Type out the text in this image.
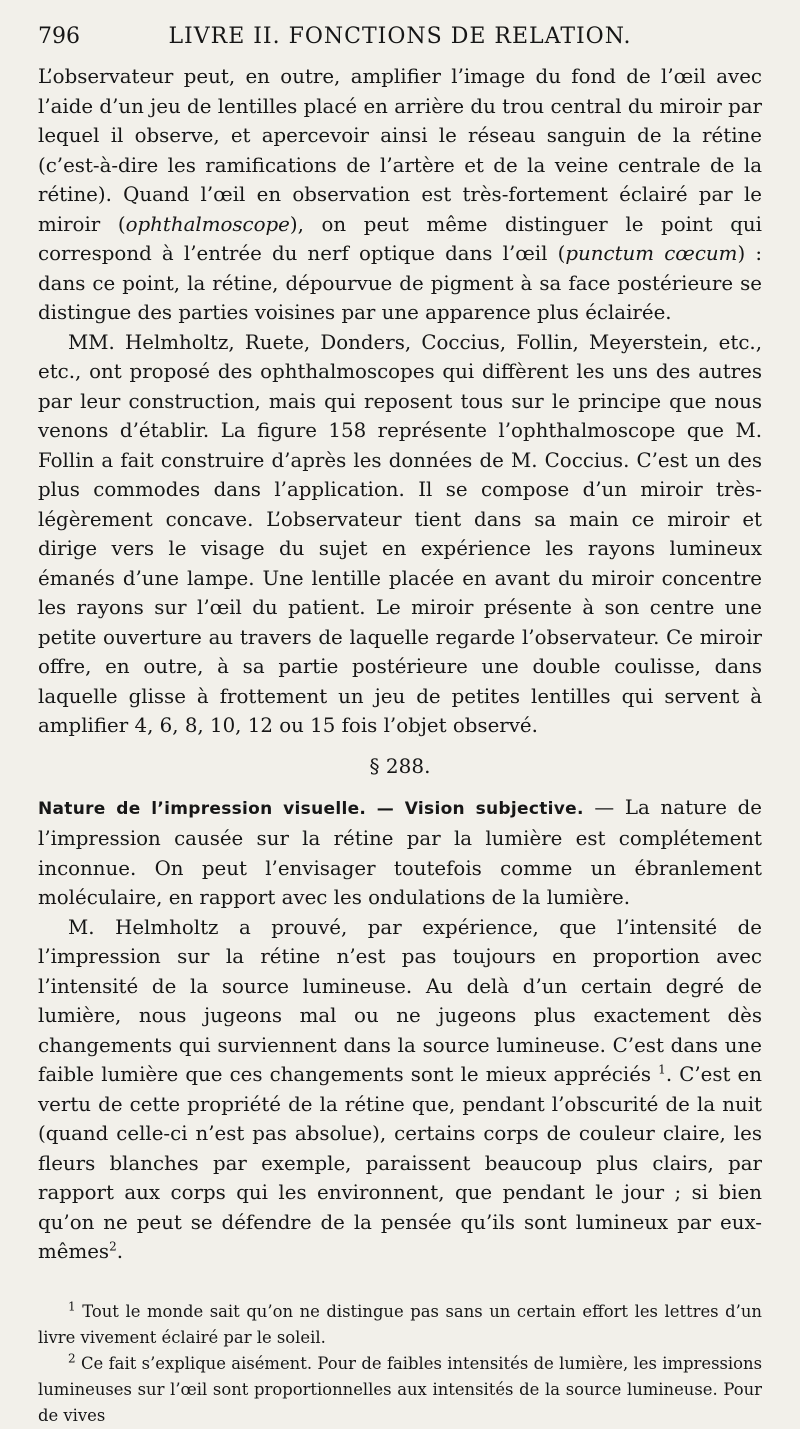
796	LIVRE II. FONCTIONS DE RELATION.

L’observateur peut, en outre, amplifier l’image du fond de l’œil avec l’aide d’un jeu de lentilles placé en arrière du trou central du miroir par lequel il observe, et apercevoir ainsi le réseau sanguin de la rétine (c’est-à-dire les ramifications de l’artère et de la veine centrale de la rétine). Quand l’œil en observation est très-fortement éclairé par le miroir (ophthalmoscope), on peut même distinguer le point qui correspond à l’entrée du nerf optique dans l’œil (punctum cœcum) : dans ce point, la rétine, dépourvue de pigment à sa face postérieure se distingue des parties voisines par une apparence plus éclairée.

MM. Helmholtz, Ruete, Donders, Coccius, Follin, Meyerstein, etc., etc., ont proposé des ophthalmoscopes qui diffèrent les uns des autres par leur construction, mais qui reposent tous sur le principe que nous venons d’établir. La figure 158 représente l’ophthalmoscope que M. Follin a fait construire d’après les données de M. Coccius. C’est un des plus commodes dans l’application. Il se compose d’un miroir très-légèrement concave. L’observateur tient dans sa main ce miroir et dirige vers le visage du sujet en expérience les rayons lumineux émanés d’une lampe. Une lentille placée en avant du miroir concentre les rayons sur l’œil du patient. Le miroir présente à son centre une petite ouverture au travers de laquelle regarde l’observateur. Ce miroir offre, en outre, à sa partie postérieure une double coulisse, dans laquelle glisse à frottement un jeu de petites lentilles qui servent à amplifier 4, 6, 8, 10, 12 ou 15 fois l’objet observé.

§ 288.

Nature de l’impression visuelle. — Vision subjective. — La nature de l’impression causée sur la rétine par la lumière est complétement inconnue. On peut l’envisager toutefois comme un ébranlement moléculaire, en rapport avec les ondulations de la lumière.

M. Helmholtz a prouvé, par expérience, que l’intensité de l’impression sur la rétine n’est pas toujours en proportion avec l’intensité de la source lumineuse. Au delà d’un certain degré de lumière, nous jugeons mal ou ne jugeons plus exactement dès changements qui surviennent dans la source lumineuse. C’est dans une faible lumière que ces changements sont le mieux appréciés $^1$. C’est en vertu de cette propriété de la rétine que, pendant l’obscurité de la nuit (quand celle-ci n’est pas absolue), certains corps de couleur claire, les fleurs blanches par exemple, paraissent beaucoup plus clairs, par rapport aux corps qui les environnent, que pendant le jour ; si bien qu’on ne peut se défendre de la pensée qu’ils sont lumineux par eux-mêmes$^2$.

$^1$ Tout le monde sait qu’on ne distingue pas sans un certain effort les lettres d’un livre vivement éclairé par le soleil.

$^2$ Ce fait s’explique aisément. Pour de faibles intensités de lumière, les impressions lumineuses sur l’œil sont proportionnelles aux intensités de la source lumineuse. Pour de vives
